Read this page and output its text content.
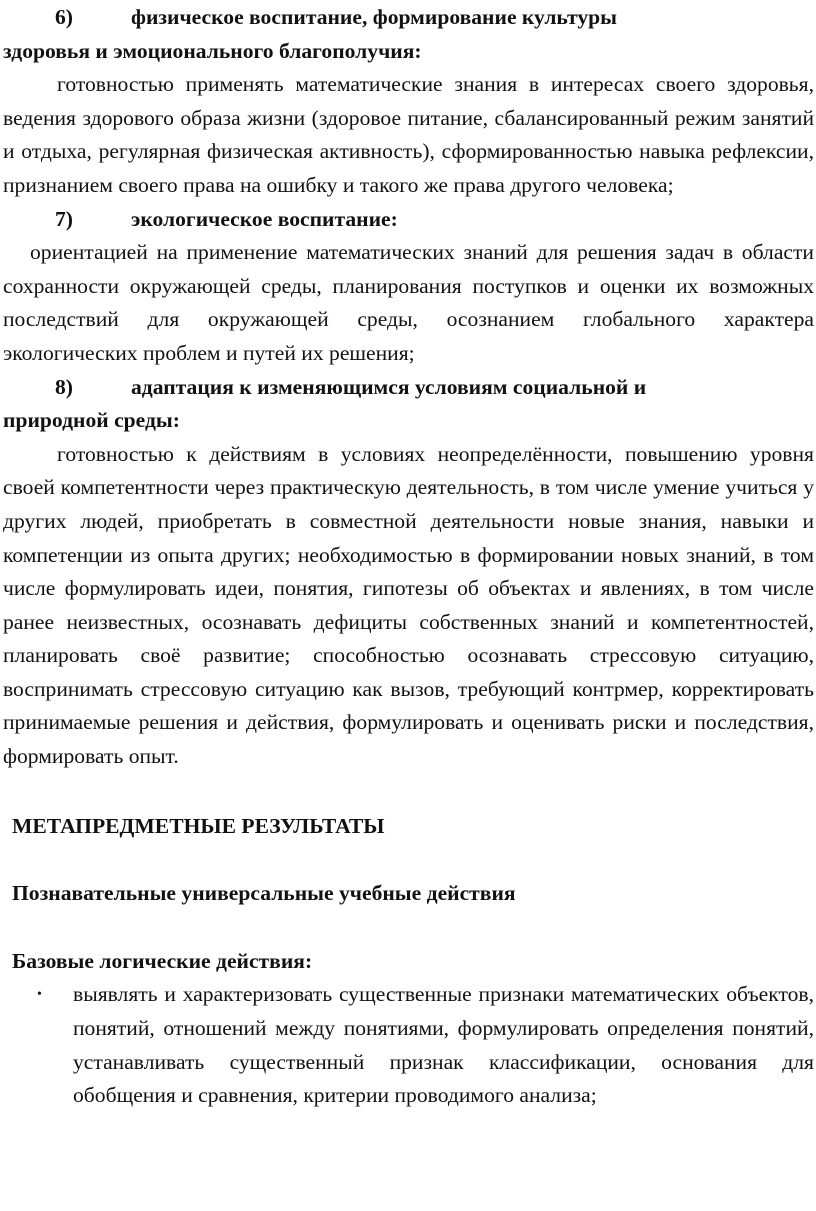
6)	физическое воспитание, формирование культуры
здоровья и эмоционального благополучия:

готовностью применять математические знания в интересах своего здоровья, ведения здорового образа жизни (здоровое питание, сбалансированный режим занятий и отдыха, регулярная физическая активность), сформированностью навыка рефлексии, признанием своего права на ошибку и такого же права другого человека;

7)	экологическое воспитание:

ориентацией на применение математических знаний для решения задач в области сохранности окружающей среды, планирования поступков и оценки их возможных последствий для окружающей среды, осознанием глобального характера экологических проблем и путей их решения;

8)	адаптация к изменяющимся условиям социальной и
природной среды:

готовностью к действиям в условиях неопределённости, повышению уровня своей компетентности через практическую деятельность, в том числе умение учиться у других людей, приобретать в совместной деятельности новые знания, навыки и компетенции из опыта других; необходимостью в формировании новых знаний, в том числе формулировать идеи, понятия, гипотезы об объектах и явлениях, в том числе ранее неизвестных, осознавать дефициты собственных знаний и компетентностей, планировать своё развитие; способностью осознавать стрессовую ситуацию, воспринимать стрессовую ситуацию как вызов, требующий контрмер, корректировать принимаемые решения и действия, формулировать и оценивать риски и последствия, формировать опыт.

МЕТАПРЕДМЕТНЫЕ РЕЗУЛЬТАТЫ

Познавательные универсальные учебные действия

Базовые логические действия:

• выявлять и характеризовать существенные признаки математических объектов, понятий, отношений между понятиями, формулировать определения понятий, устанавливать существенный признак классификации, основания для обобщения и сравнения, критерии проводимого анализа;
